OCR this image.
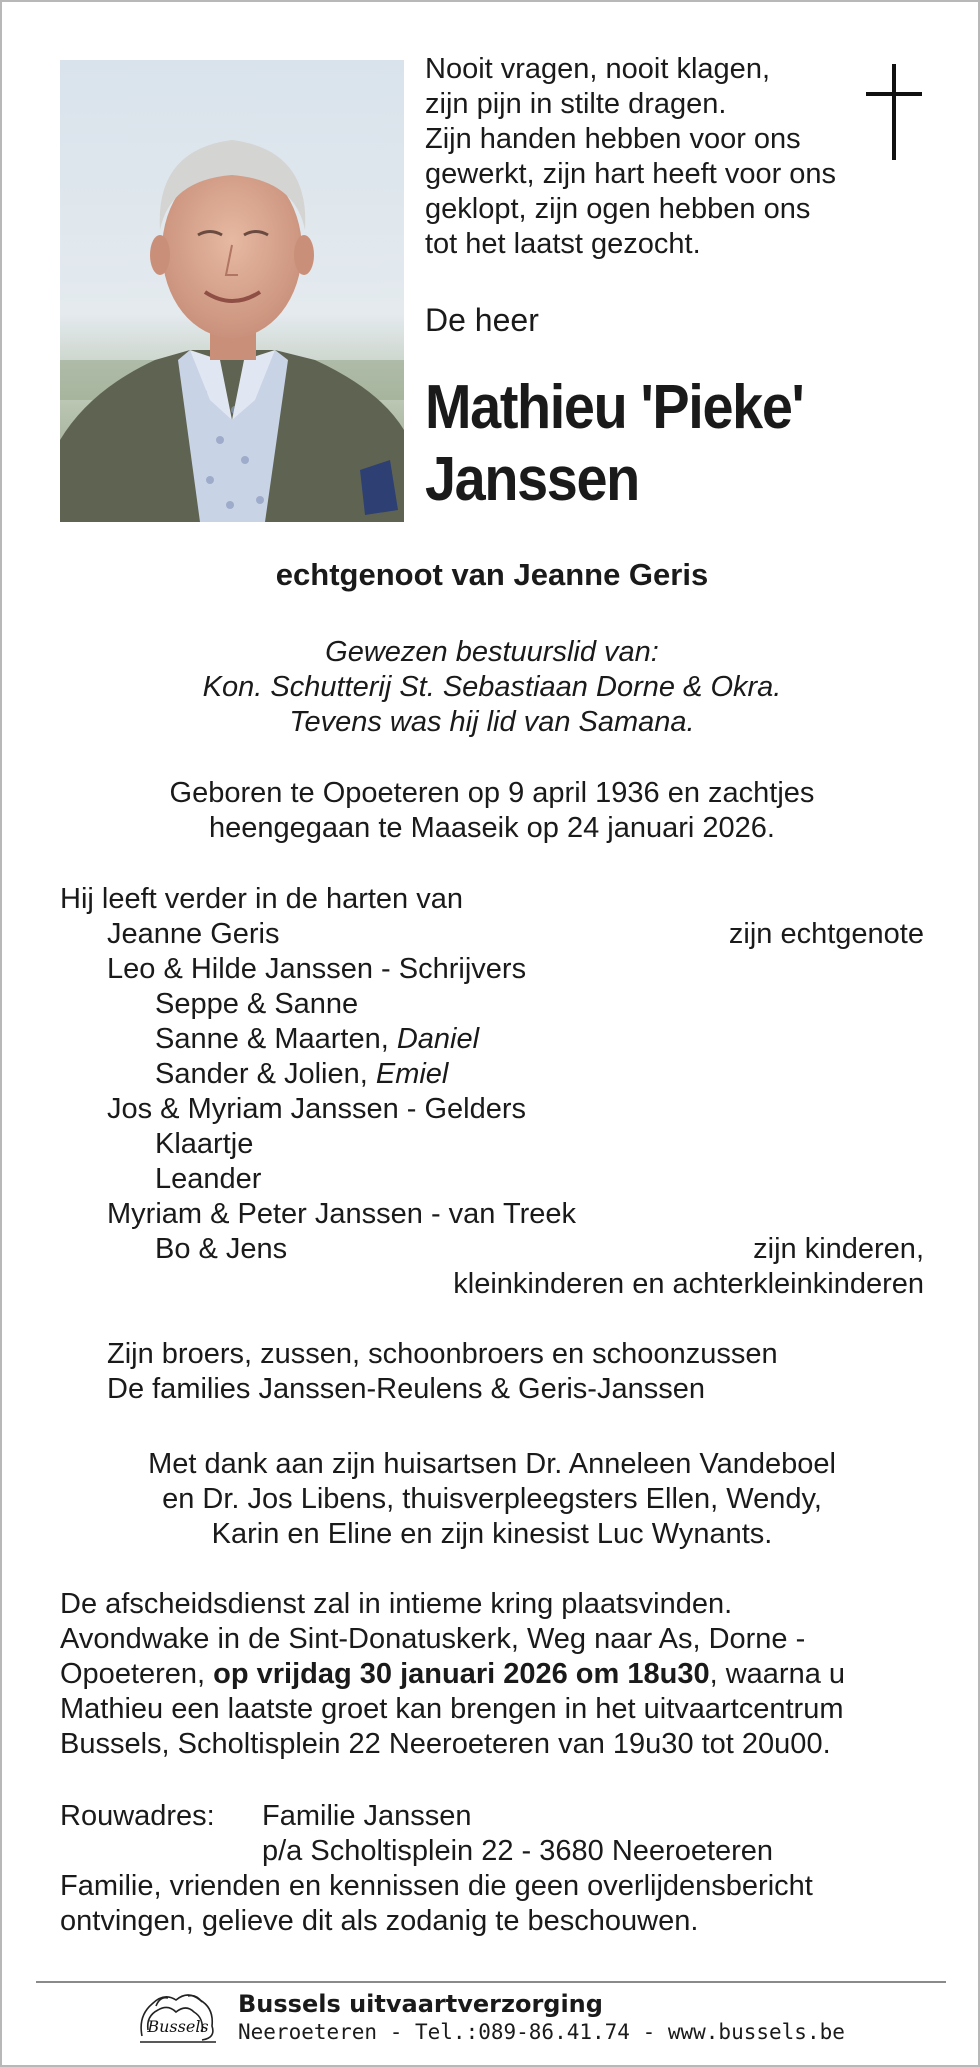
Nooit vragen, nooit klagen,
zijn pijn in stilte dragen.
Zijn handen hebben voor ons
gewerkt, zijn hart heeft voor ons
geklopt, zijn ogen hebben ons
tot het laatst gezocht.
De heer
Mathieu 'Pieke'
Janssen
echtgenoot van Jeanne Geris
Gewezen bestuurslid van:
Kon. Schutterij St. Sebastiaan Dorne & Okra.
Tevens was hij lid van Samana.
Geboren te Opoeteren op 9 april 1936 en zachtjes
heengegaan te Maaseik op 24 januari 2026.
Hij leeft verder in de harten van
Jeanne Geris	zijn echtgenote
Leo & Hilde Janssen - Schrijvers
Seppe & Sanne
Sanne & Maarten, Daniel
Sander & Jolien, Emiel
Jos & Myriam Janssen - Gelders
Klaartje
Leander
Myriam & Peter Janssen - van Treek
Bo & Jens	zijn kinderen,
kleinkinderen en achterkleinkinderen
Zijn broers, zussen, schoonbroers en schoonzussen
De families Janssen-Reulens & Geris-Janssen
Met dank aan zijn huisartsen Dr. Anneleen Vandeboel
en Dr. Jos Libens, thuisverpleegsters Ellen, Wendy,
Karin en Eline en zijn kinesist Luc Wynants.
De afscheidsdienst zal in intieme kring plaatsvinden.
Avondwake in de Sint-Donatuskerk, Weg naar As, Dorne -
Opoeteren, op vrijdag 30 januari 2026 om 18u30, waarna u
Mathieu een laatste groet kan brengen in het uitvaartcentrum
Bussels, Scholtisplein 22 Neeroeteren van 19u30 tot 20u00.
Rouwadres: Familie Janssen
p/a Scholtisplein 22 - 3680 Neeroeteren
Familie, vrienden en kennissen die geen overlijdensbericht
ontvingen, gelieve dit als zodanig te beschouwen.
Bussels
Bussels uitvaartverzorging
Neeroeteren - Tel.:089-86.41.74 - www.bussels.be
